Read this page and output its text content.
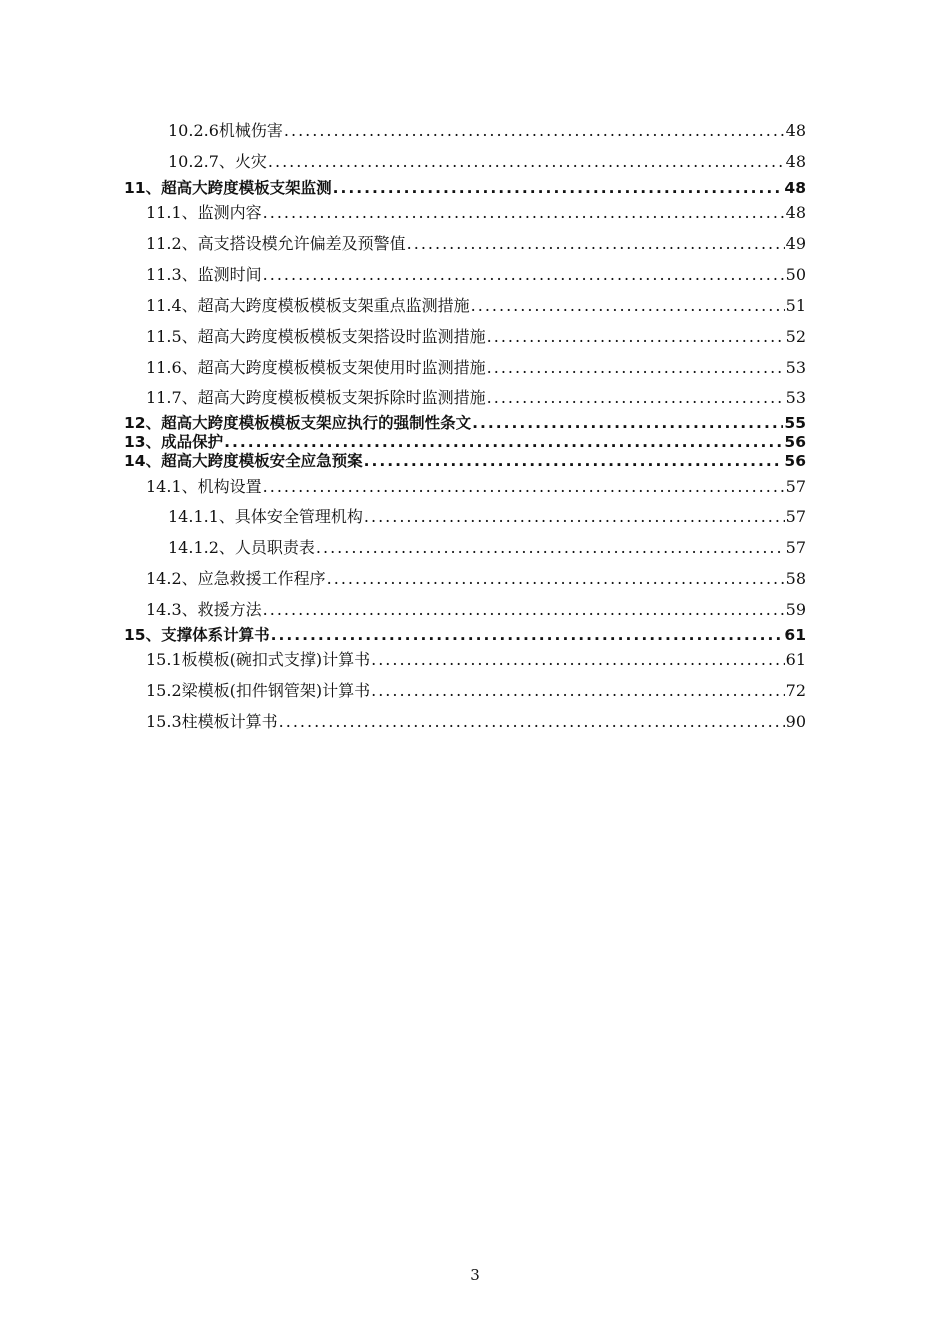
10.2.6机械伤害 .....	48
10.2.7、火灾 .....	48
11、超高大跨度模板支架监测 .....	48
11.1、监测内容 .....	48
11.2、高支搭设模允许偏差及预警值 .....	49
11.3、监测时间 .....	50
11.4、超高大跨度模板模板支架重点监测措施 .....	51
11.5、超高大跨度模板模板支架搭设时监测措施 .....	52
11.6、超高大跨度模板模板支架使用时监测措施 .....	53
11.7、超高大跨度模板模板支架拆除时监测措施 .....	53
12、超高大跨度模板模板支架应执行的强制性条文 .....	55
13、成品保护 .....	56
14、超高大跨度模板安全应急预案 .....	56
14.1、机构设置 .....	57
14.1.1、具体安全管理机构 .....	57
14.1.2、人员职责表 .....	57
14.2、应急救援工作程序 .....	58
14.3、救援方法 .....	59
15、支撑体系计算书 .....	61
15.1板模板(碗扣式支撑)计算书 .....	61
15.2梁模板(扣件钢管架)计算书 .....	72
15.3柱模板计算书 .....	90
3
